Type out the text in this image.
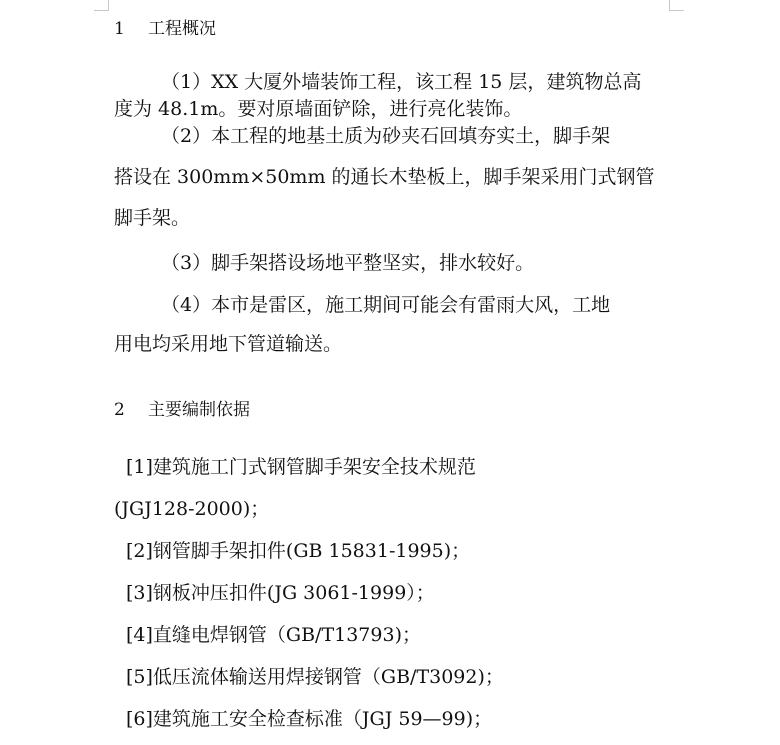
1 工程概况
（1）XX 大厦外墙装饰工程，该工程 15 层，建筑物总高
度为 48.1m。要对原墙面铲除，进行亮化装饰。
（2）本工程的地基土质为砂夹石回填夯实土，脚手架
搭设在 300mm×50mm 的通长木垫板上，脚手架采用门式钢管
脚手架。
（3）脚手架搭设场地平整坚实，排水较好。
（4）本市是雷区，施工期间可能会有雷雨大风，工地
用电均采用地下管道输送。
2 主要编制依据
[1]建筑施工门式钢管脚手架安全技术规范
(JGJ128-2000)；
[2]钢管脚手架扣件(GB 15831-1995)；
[3]钢板冲压扣件(JG 3061-1999）；
[4]直缝电焊钢管（GB/T13793)；
[5]低压流体输送用焊接钢管（GB/T3092)；
[6]建筑施工安全检查标准（JGJ 59—99)；
